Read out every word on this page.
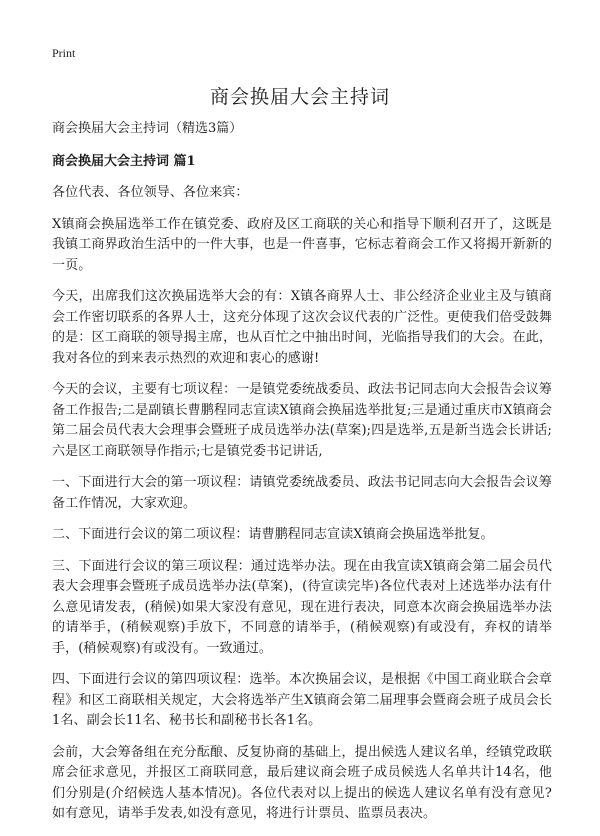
Print
商会换届大会主持词

商会换届大会主持词（精选3篇）

商会换届大会主持词 篇1

各位代表、各位领导、各位来宾：

X镇商会换届选举工作在镇党委、政府及区工商联的关心和指导下顺利召开了，这既是我镇工商界政治生活中的一件大事，也是一件喜事，它标志着商会工作又将揭开新新的一页。

今天，出席我们这次换届选举大会的有：X镇各商界人士、非公经济企业业主及与镇商会工作密切联系的各界人士，这充分体现了这次会议代表的广泛性。更使我们倍受鼓舞的是：区工商联的领导揭主席，也从百忙之中抽出时间，光临指导我们的大会。在此，我对各位的到来表示热烈的欢迎和衷心的感谢!

今天的会议，主要有七项议程：一是镇党委统战委员、政法书记同志向大会报告会议筹备工作报告;二是副镇长曹鹏程同志宣读X镇商会换届选举批复;三是通过重庆市X镇商会第二届会员代表大会理事会暨班子成员选举办法(草案);四是选举,五是新当选会长讲话;六是区工商联领导作指示;七是镇党委书记讲话,

一、下面进行大会的第一项议程：请镇党委统战委员、政法书记同志向大会报告会议筹备工作情况，大家欢迎。

二、下面进行会议的第二项议程：请曹鹏程同志宣读X镇商会换届选举批复。

三、下面进行会议的第三项议程：通过选举办法。现在由我宣读X镇商会第二届会员代表大会理事会暨班子成员选举办法(草案)，(待宣读完毕)各位代表对上述选举办法有什么意见请发表，(稍候)如果大家没有意见，现在进行表决，同意本次商会换届选举办法的请举手，(稍候观察)手放下，不同意的请举手，(稍候观察)有或没有，弃权的请举手，(稍候观察)有或没有。一致通过。

四、下面进行会议的第四项议程：选举。本次换届会议，是根据《中国工商业联合会章程》和区工商联相关规定，大会将选举产生X镇商会第二届理事会暨商会班子成员会长1名、副会长11名、秘书长和副秘书长各1名。

会前，大会筹备组在充分酝酿、反复协商的基础上，提出候选人建议名单，经镇党政联席会征求意见，并报区工商联同意，最后建议商会班子成员候选人名单共计14名，他们分别是(介绍候选人基本情况)。各位代表对以上提出的候选人建议名单有没有意见?如有意见，请举手发表,如没有意见，将进行计票员、监票员表决。
